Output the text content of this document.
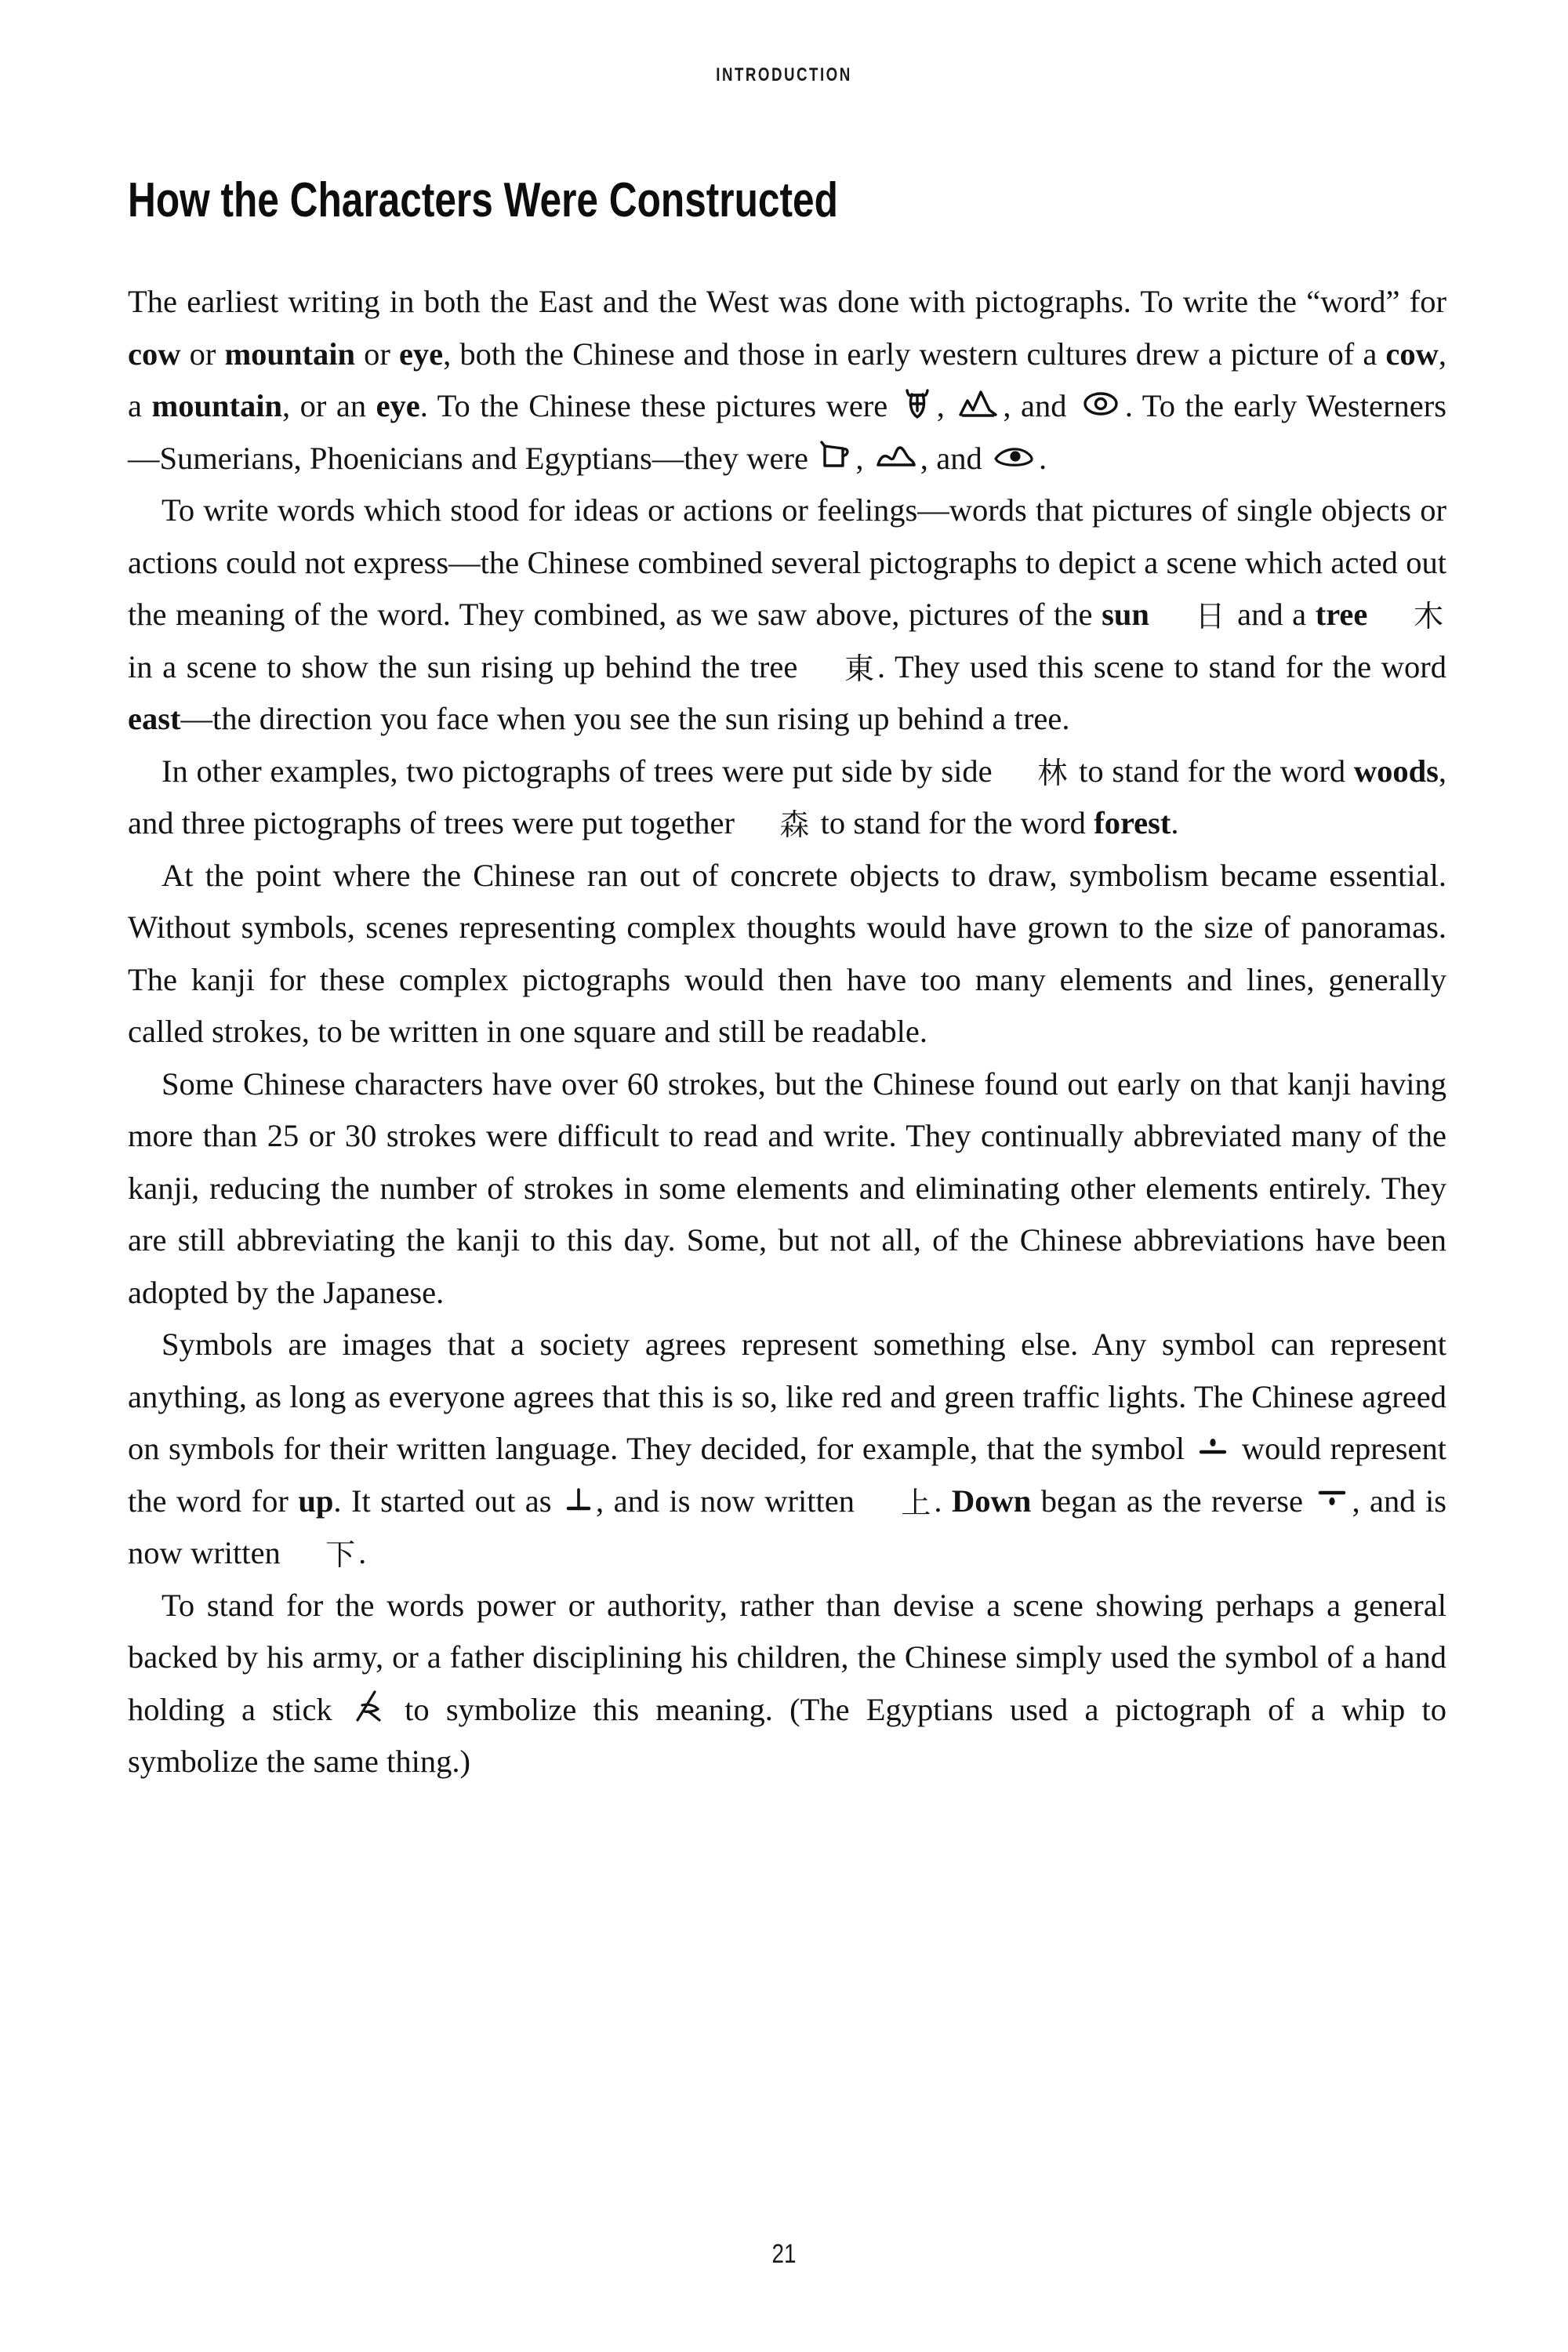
INTRODUCTION
How the Characters Were Constructed

The earliest writing in both the East and the West was done with pictographs. To write the “word” for cow or mountain or eye, both the Chinese and those in early western cultures drew a picture of a cow, a mountain, or an eye. To the Chinese these pictures were
,
, and
. To the early Westerners—Sumerians, Phoenicians and Egyptians—they were
,
, and
.

To write words which stood for ideas or actions or feelings—words that pictures of single objects or actions could not express—the Chinese combined several pictographs to depict a scene which acted out the meaning of the word. They combined, as we saw above, pictures of the sun 日 and a tree 木 in a scene to show the sun rising up behind the tree 東. They used this scene to stand for the word east—the direction you face when you see the sun rising up behind a tree.

In other examples, two pictographs of trees were put side by side 林 to stand for the word woods, and three pictographs of trees were put together 森 to stand for the word forest.

At the point where the Chinese ran out of concrete objects to draw, symbolism became essential. Without symbols, scenes representing complex thoughts would have grown to the size of panoramas. The kanji for these complex pictographs would then have too many elements and lines, generally called strokes, to be written in one square and still be readable.

Some Chinese characters have over 60 strokes, but the Chinese found out early on that kanji having more than 25 or 30 strokes were difficult to read and write. They continually abbreviated many of the kanji, reducing the number of strokes in some elements and eliminating other elements entirely. They are still abbreviating the kanji to this day. Some, but not all, of the Chinese abbreviations have been adopted by the Japanese.

Symbols are images that a society agrees represent something else. Any symbol can represent anything, as long as everyone agrees that this is so, like red and green traffic lights. The Chinese agreed on symbols for their written language. They decided, for example, that the symbol
would represent the word for up. It started out as
, and is now written 上. Down began as the reverse
, and is now written 下.

To stand for the words power or authority, rather than devise a scene showing perhaps a general backed by his army, or a father disciplining his children, the Chinese simply used the symbol of a hand holding a stick
to symbolize this meaning. (The Egyptians used a pictograph of a whip to symbolize the same thing.)

21
